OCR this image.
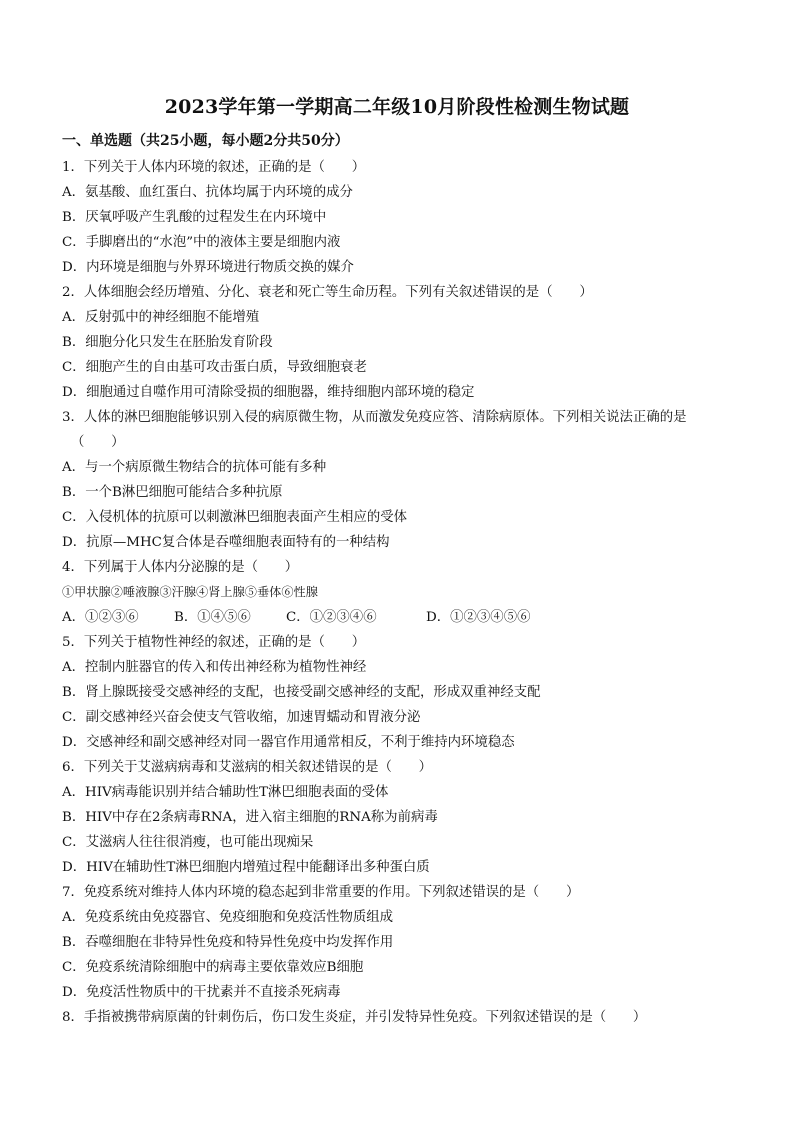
2023学年第一学期高二年级10月阶段性检测生物试题
一、单选题（共25小题，每小题2分共50分）
1．下列关于人体内环境的叙述，正确的是（　　）
A．氨基酸、血红蛋白、抗体均属于内环境的成分
B．厌氧呼吸产生乳酸的过程发生在内环境中
C．手脚磨出的“水泡”中的液体主要是细胞内液
D．内环境是细胞与外界环境进行物质交换的媒介
2．人体细胞会经历增殖、分化、衰老和死亡等生命历程。下列有关叙述错误的是（　　）
A．反射弧中的神经细胞不能增殖
B．细胞分化只发生在胚胎发育阶段
C．细胞产生的自由基可攻击蛋白质，导致细胞衰老
D．细胞通过自噬作用可清除受损的细胞器，维持细胞内部环境的稳定
3．人体的淋巴细胞能够识别入侵的病原微生物，从而激发免疫应答、清除病原体。下列相关说法正确的是
（　　）
A．与一个病原微生物结合的抗体可能有多种
B．一个B淋巴细胞可能结合多种抗原
C．入侵机体的抗原可以刺激淋巴细胞表面产生相应的受体
D．抗原—MHC复合体是吞噬细胞表面特有的一种结构
4．下列属于人体内分泌腺的是（　　）
①甲状腺②唾液腺③汗腺④肾上腺⑤垂体⑥性腺
A．①②③⑥	B．①④⑤⑥	C．①②③④⑥	D．①②③④⑤⑥
5．下列关于植物性神经的叙述，正确的是（　　）
A．控制内脏器官的传入和传出神经称为植物性神经
B．肾上腺既接受交感神经的支配，也接受副交感神经的支配，形成双重神经支配
C．副交感神经兴奋会使支气管收缩，加速胃蠕动和胃液分泌
D．交感神经和副交感神经对同一器官作用通常相反，不利于维持内环境稳态
6．下列关于艾滋病病毒和艾滋病的相关叙述错误的是（　　）
A．HIV病毒能识别并结合辅助性T淋巴细胞表面的受体
B．HIV中存在2条病毒RNA，进入宿主细胞的RNA称为前病毒
C．艾滋病人往往很消瘦，也可能出现痴呆
D．HIV在辅助性T淋巴细胞内增殖过程中能翻译出多种蛋白质
7．免疫系统对维持人体内环境的稳态起到非常重要的作用。下列叙述错误的是（　　）
A．免疫系统由免疫器官、免疫细胞和免疫活性物质组成
B．吞噬细胞在非特异性免疫和特异性免疫中均发挥作用
C．免疫系统清除细胞中的病毒主要依靠效应B细胞
D．免疫活性物质中的干扰素并不直接杀死病毒
8．手指被携带病原菌的针刺伤后，伤口发生炎症，并引发特异性免疫。下列叙述错误的是（　　）
